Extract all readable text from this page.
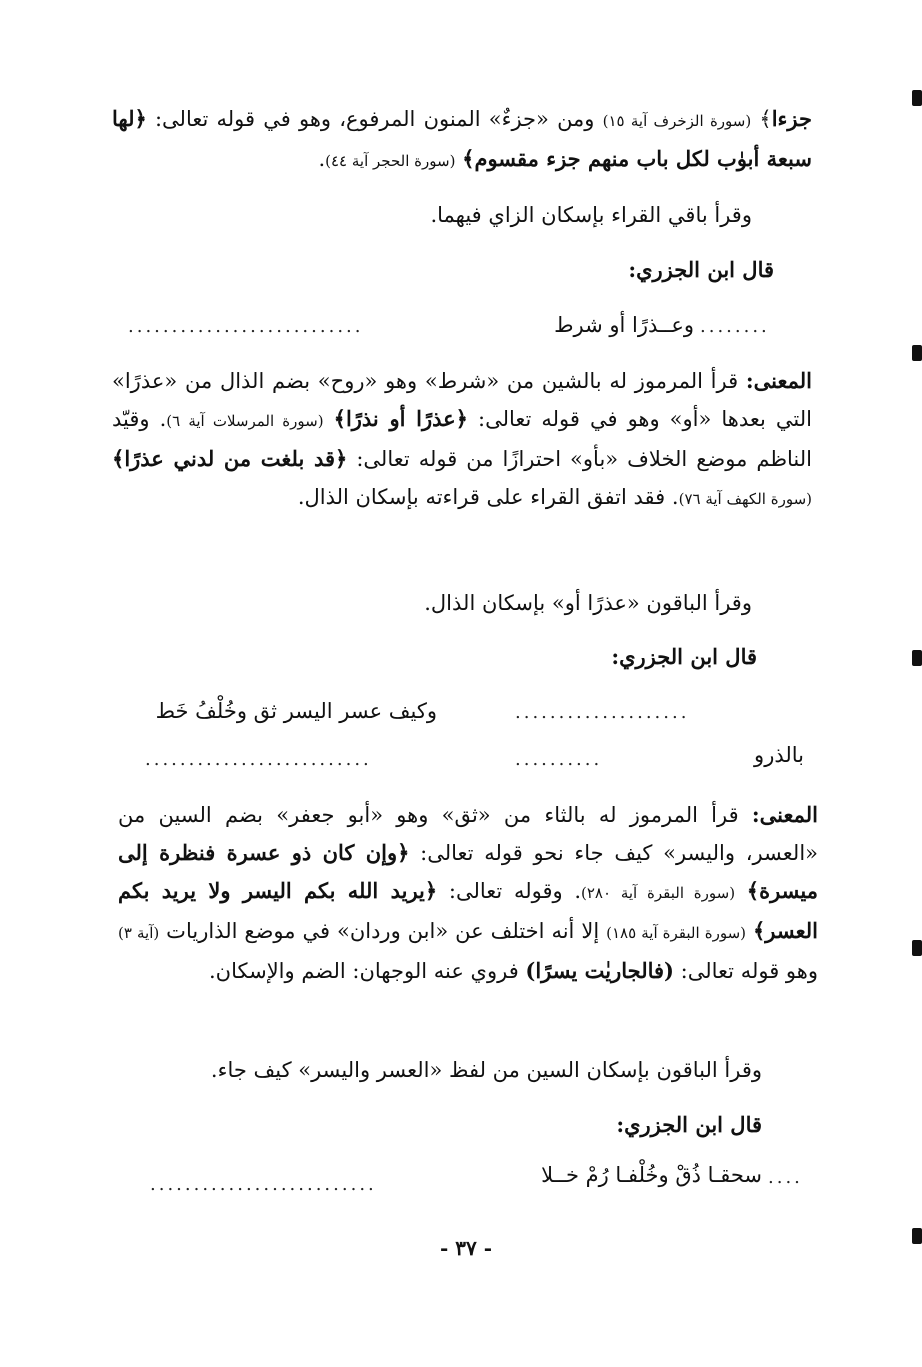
جزءا﴾ (سورة الزخرف آية ١٥) ومن «جزءٌ» المنون المرفوع، وهو في قوله تعالى: ﴿لها سبعة أبوٰب لكل باب منهم جزء مقسوم﴾ (سورة الحجر آية ٤٤).
وقرأ باقي القراء بإسكان الزاي فيهما.
قال ابن الجزري:
وعــذرًا أو شرط ........
...........................
المعنى: قرأ المرموز له بالشين من «شرط» وهو «روح» بضم الذال من «عذرًا» التي بعدها «أو» وهو في قوله تعالى: ﴿عذرًا أو نذرًا﴾ (سورة المرسلات آية ٦). وقيّد الناظم موضع الخلاف «بأو» احترازًا من قوله تعالى: ﴿قد بلغت من لدني عذرًا﴾ (سورة الكهف آية ٧٦). فقد اتفق القراء على قراءته بإسكان الذال.
وقرأ الباقون «عذرًا أو» بإسكان الذال.
قال ابن الجزري:
وكيف عسر اليسر ثق وخُلْفُ خَط	....................
بالذرو
..........
..........................
المعنى: قرأ المرموز له بالثاء من «ثق» وهو «أبو جعفر» بضم السين من «العسر، واليسر» كيف جاء نحو قوله تعالى: ﴿وإن كان ذو عسرة فنظرة إلى ميسرة﴾ (سورة البقرة آية ٢٨٠). وقوله تعالى: ﴿يريد الله بكم اليسر ولا يريد بكم العسر﴾ (سورة البقرة آية ١٨٥) إلا أنه اختلف عن «ابن وردان» في موضع الذاريات (آية ٣) وهو قوله تعالى: (فالجاريٰت يسرًا) فروي عنه الوجهان: الضم والإسكان.
وقرأ الباقون بإسكان السين من لفظ «العسر واليسر» كيف جاء.
قال ابن الجزري:
سحقـا ذُقْ وخُلْفـا رُمْ خــلا ....
..........................
- ٣٧ -
